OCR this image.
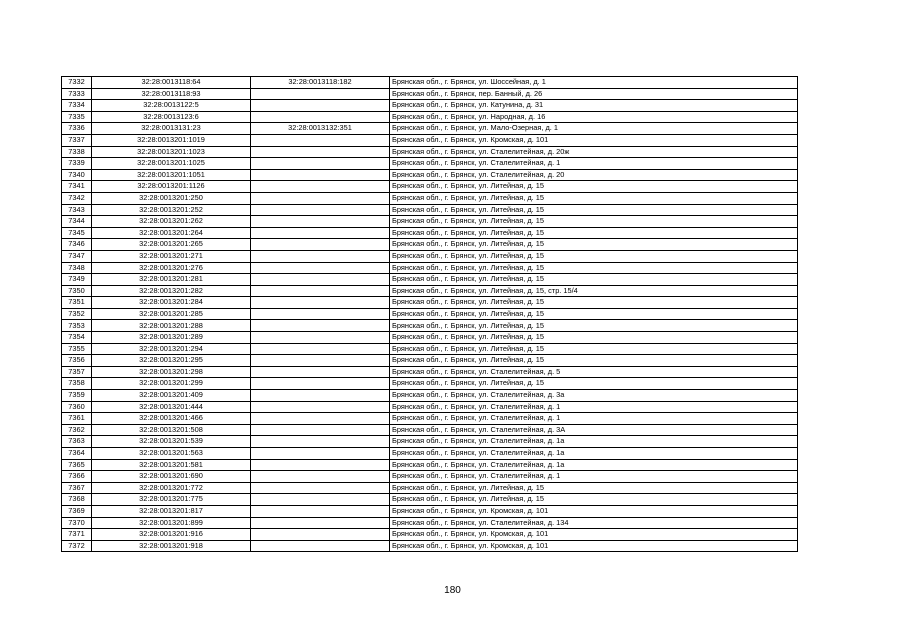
7332	32:28:0013118:64	32:28:0013118:182	Брянская обл., г. Брянск, ул. Шоссейная, д. 1
7333	32:28:0013118:93		Брянская обл., г. Брянск, пер. Банный, д. 26
7334	32:28:0013122:5		Брянская обл., г. Брянск, ул. Катунина, д. 31
7335	32:28:0013123:6		Брянская обл., г. Брянск, ул. Народная, д. 16
7336	32:28:0013131:23	32:28:0013132:351	Брянская обл., г. Брянск, ул. Мало-Озерная, д. 1
7337	32:28:0013201:1019		Брянская обл., г. Брянск, ул. Кромская, д. 101
7338	32:28:0013201:1023		Брянская обл., г. Брянск, ул. Сталелитейная, д. 20ж
7339	32:28:0013201:1025		Брянская обл., г. Брянск, ул. Сталелитейная, д. 1
7340	32:28:0013201:1051		Брянская обл., г. Брянск, ул. Сталелитейная, д. 20
7341	32:28:0013201:1126		Брянская обл., г. Брянск, ул. Литейная, д. 15
7342	32:28:0013201:250		Брянская обл., г. Брянск, ул. Литейная, д. 15
7343	32:28:0013201:252		Брянская обл., г. Брянск, ул. Литейная, д. 15
7344	32:28:0013201:262		Брянская обл., г. Брянск, ул. Литейная, д. 15
7345	32:28:0013201:264		Брянская обл., г. Брянск, ул. Литейная, д. 15
7346	32:28:0013201:265		Брянская обл., г. Брянск, ул. Литейная, д. 15
7347	32:28:0013201:271		Брянская обл., г. Брянск, ул. Литейная, д. 15
7348	32:28:0013201:276		Брянская обл., г. Брянск, ул. Литейная, д. 15
7349	32:28:0013201:281		Брянская обл., г. Брянск, ул. Литейная, д. 15
7350	32:28:0013201:282		Брянская обл., г. Брянск, ул. Литейная, д. 15, стр. 15/4
7351	32:28:0013201:284		Брянская обл., г. Брянск, ул. Литейная, д. 15
7352	32:28:0013201:285		Брянская обл., г. Брянск, ул. Литейная, д. 15
7353	32:28:0013201:288		Брянская обл., г. Брянск, ул. Литейная, д. 15
7354	32:28:0013201:289		Брянская обл., г. Брянск, ул. Литейная, д. 15
7355	32:28:0013201:294		Брянская обл., г. Брянск, ул. Литейная, д. 15
7356	32:28:0013201:295		Брянская обл., г. Брянск, ул. Литейная, д. 15
7357	32:28:0013201:298		Брянская обл., г. Брянск, ул. Сталелитейная, д. 5
7358	32:28:0013201:299		Брянская обл., г. Брянск, ул. Литейная, д. 15
7359	32:28:0013201:409		Брянская обл., г. Брянск, ул. Сталелитейная, д. 3а
7360	32:28:0013201:444		Брянская обл., г. Брянск, ул. Сталелитейная, д. 1
7361	32:28:0013201:466		Брянская обл., г. Брянск, ул. Сталелитейная, д. 1
7362	32:28:0013201:508		Брянская обл., г. Брянск, ул. Сталелитейная, д. 3А
7363	32:28:0013201:539		Брянская обл., г. Брянск, ул. Сталелитейная, д. 1а
7364	32:28:0013201:563		Брянская обл., г. Брянск, ул. Сталелитейная, д. 1а
7365	32:28:0013201:581		Брянская обл., г. Брянск, ул. Сталелитейная, д. 1а
7366	32:28:0013201:690		Брянская обл., г. Брянск, ул. Сталелитейная, д. 1
7367	32:28:0013201:772		Брянская обл., г. Брянск, ул. Литейная, д. 15
7368	32:28:0013201:775		Брянская обл., г. Брянск, ул. Литейная, д. 15
7369	32:28:0013201:817		Брянская обл., г. Брянск, ул. Кромская, д. 101
7370	32:28:0013201:899		Брянская обл., г. Брянск, ул. Сталелитейная, д. 134
7371	32:28:0013201:916		Брянская обл., г. Брянск, ул. Кромская, д. 101
7372	32:28:0013201:918		Брянская обл., г. Брянск, ул. Кромская, д. 101
180
